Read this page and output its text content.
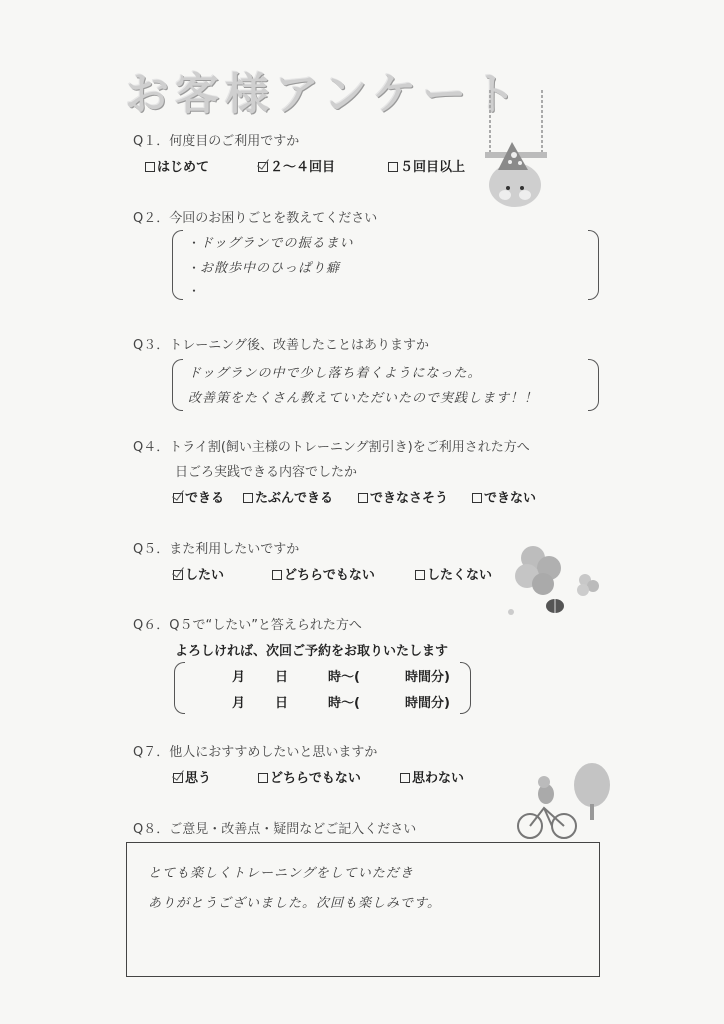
お客様アンケート
Q１．何度目のご利用ですか
はじめて	２～４回目	５回目以上
Q２．今回のお困りごとを教えてください
・ドッグランでの振るまい
・お散歩中のひっぱり癖
・
Q３．トレーニング後、改善したことはありますか
ドッグランの中で少し落ち着くようになった。
改善策をたくさん教えていただいたので実践します！！
Q４．トライ割(飼い主様のトレーニング割引き)をご利用された方へ
日ごろ実践できる内容でしたか
できる	たぶんできる	できなさそう	できない
Q５．また利用したいですか
したい	どちらでもない	したくない
Q６．Q５で“したい”と答えられた方へ
よろしければ、次回ご予約をお取りいたします
月 日	時～(	時間分)
月 日	時～(	時間分)
Q７．他人におすすめしたいと思いますか
思う	どちらでもない	思わない
Q８．ご意見・改善点・疑問などご記入ください
とても楽しくトレーニングをしていただき
ありがとうございました。次回も楽しみです。
